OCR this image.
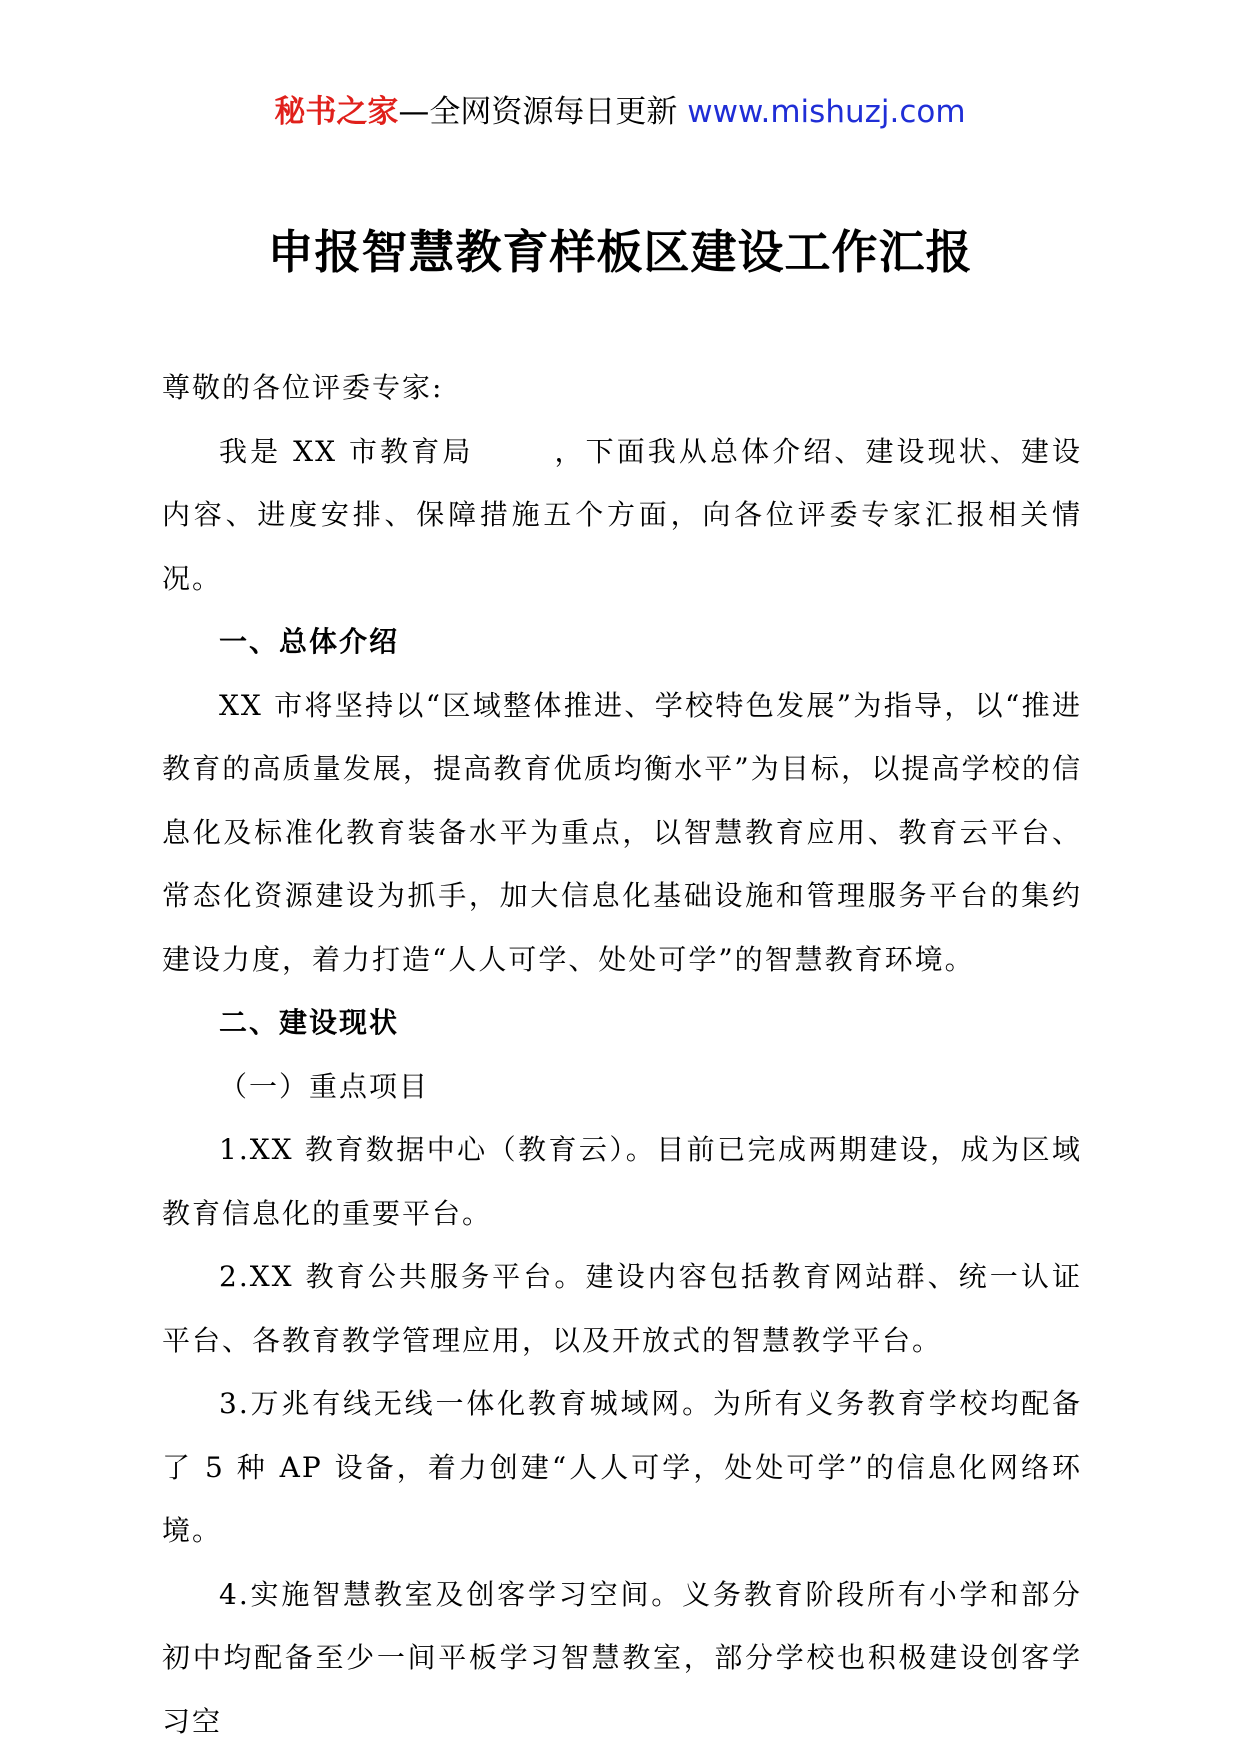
秘书之家—全网资源每日更新 www.mishuzj.com
申报智慧教育样板区建设工作汇报

尊敬的各位评委专家:

我是 XX 市教育局	，下面我从总体介绍、建设现状、建设内容、进度安排、保障措施五个方面，向各位评委专家汇报相关情况。

一、总体介绍

XX 市将坚持以“区域整体推进、学校特色发展”为指导，以“推进教育的高质量发展，提高教育优质均衡水平”为目标，以提高学校的信息化及标准化教育装备水平为重点，以智慧教育应用、教育云平台、常态化资源建设为抓手，加大信息化基础设施和管理服务平台的集约建设力度，着力打造“人人可学、处处可学”的智慧教育环境。

二、建设现状

（一）重点项目

1.XX 教育数据中心（教育云）。目前已完成两期建设，成为区域教育信息化的重要平台。

2.XX 教育公共服务平台。建设内容包括教育网站群、统一认证平台、各教育教学管理应用，以及开放式的智慧教学平台。

3.万兆有线无线一体化教育城域网。为所有义务教育学校均配备了 5 种 AP 设备，着力创建“人人可学，处处可学”的信息化网络环境。

4.实施智慧教室及创客学习空间。义务教育阶段所有小学和部分初中均配备至少一间平板学习智慧教室，部分学校也积极建设创客学习空
